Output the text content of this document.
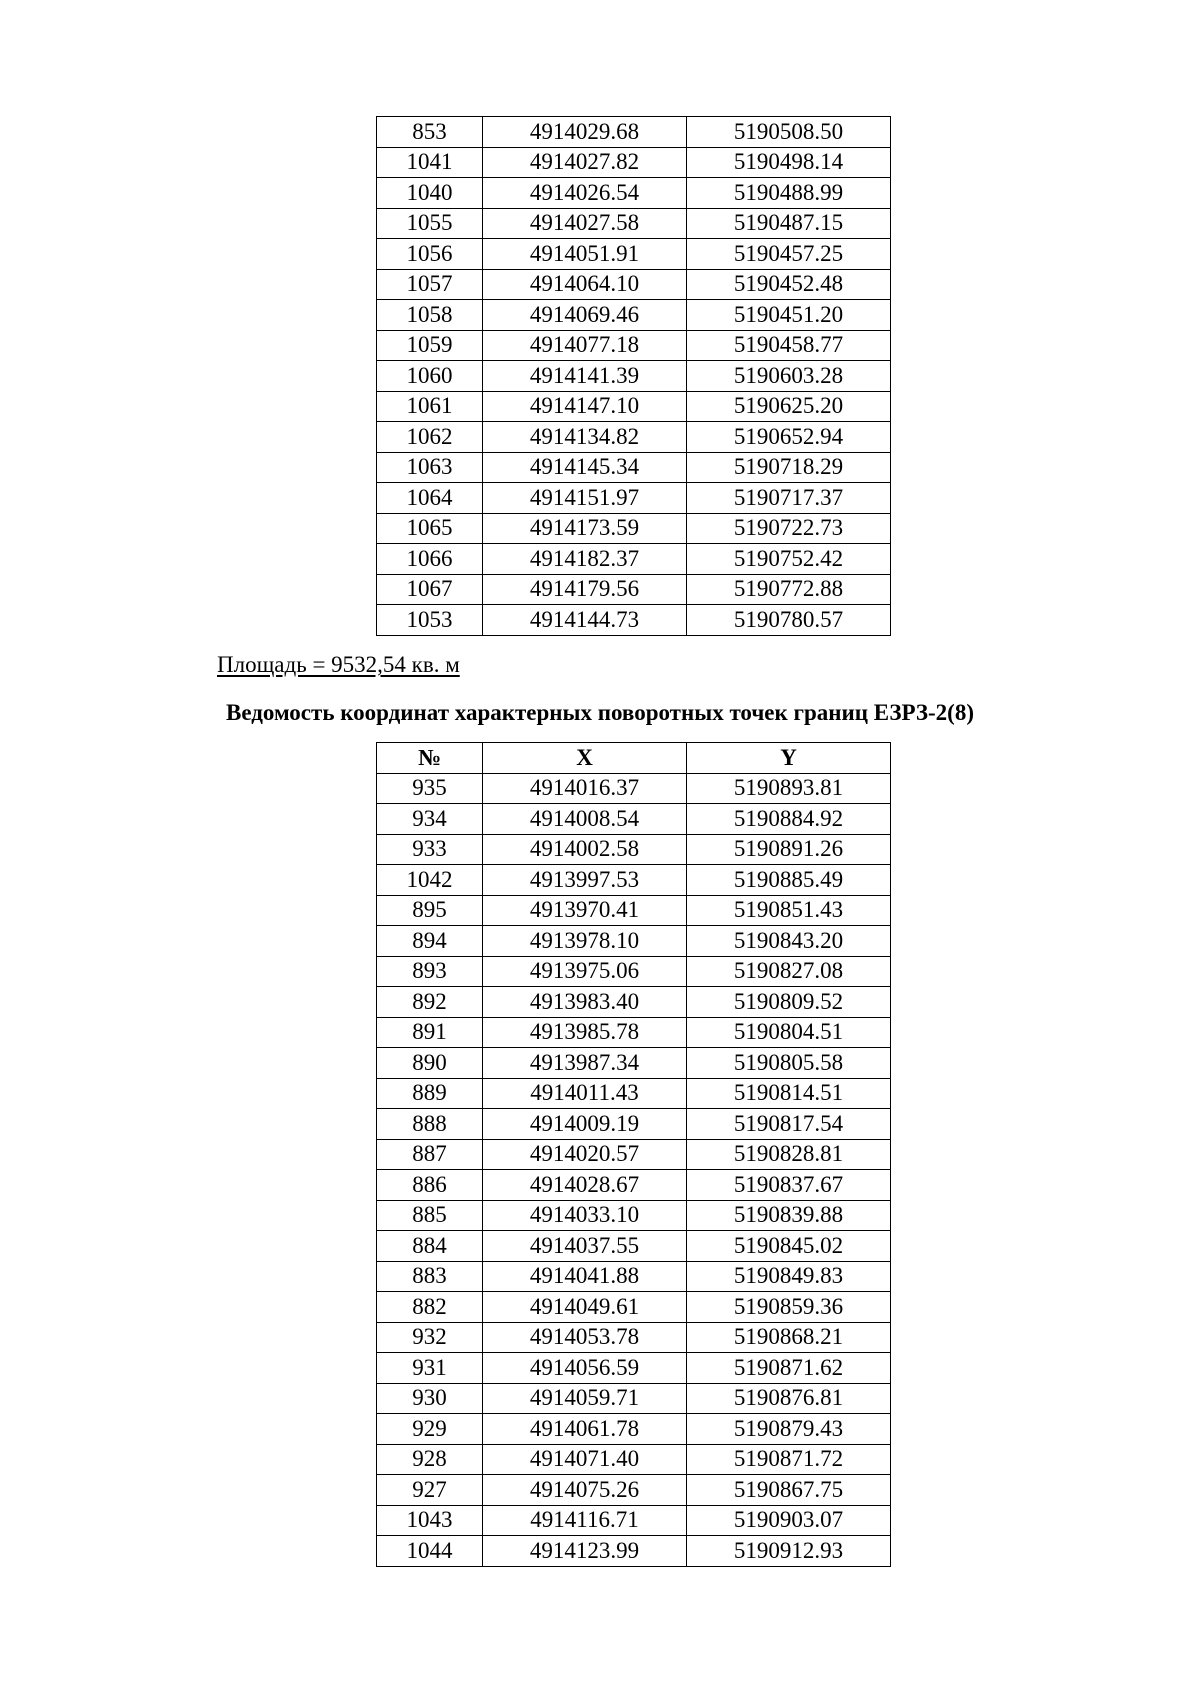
853	4914029.68	5190508.50
1041	4914027.82	5190498.14
1040	4914026.54	5190488.99
1055	4914027.58	5190487.15
1056	4914051.91	5190457.25
1057	4914064.10	5190452.48
1058	4914069.46	5190451.20
1059	4914077.18	5190458.77
1060	4914141.39	5190603.28
1061	4914147.10	5190625.20
1062	4914134.82	5190652.94
1063	4914145.34	5190718.29
1064	4914151.97	5190717.37
1065	4914173.59	5190722.73
1066	4914182.37	5190752.42
1067	4914179.56	5190772.88
1053	4914144.73	5190780.57
Площадь = 9532,54 кв. м
Ведомость координат характерных поворотных точек границ ЕЗРЗ-2(8)
№	X	Y
935	4914016.37	5190893.81
934	4914008.54	5190884.92
933	4914002.58	5190891.26
1042	4913997.53	5190885.49
895	4913970.41	5190851.43
894	4913978.10	5190843.20
893	4913975.06	5190827.08
892	4913983.40	5190809.52
891	4913985.78	5190804.51
890	4913987.34	5190805.58
889	4914011.43	5190814.51
888	4914009.19	5190817.54
887	4914020.57	5190828.81
886	4914028.67	5190837.67
885	4914033.10	5190839.88
884	4914037.55	5190845.02
883	4914041.88	5190849.83
882	4914049.61	5190859.36
932	4914053.78	5190868.21
931	4914056.59	5190871.62
930	4914059.71	5190876.81
929	4914061.78	5190879.43
928	4914071.40	5190871.72
927	4914075.26	5190867.75
1043	4914116.71	5190903.07
1044	4914123.99	5190912.93
